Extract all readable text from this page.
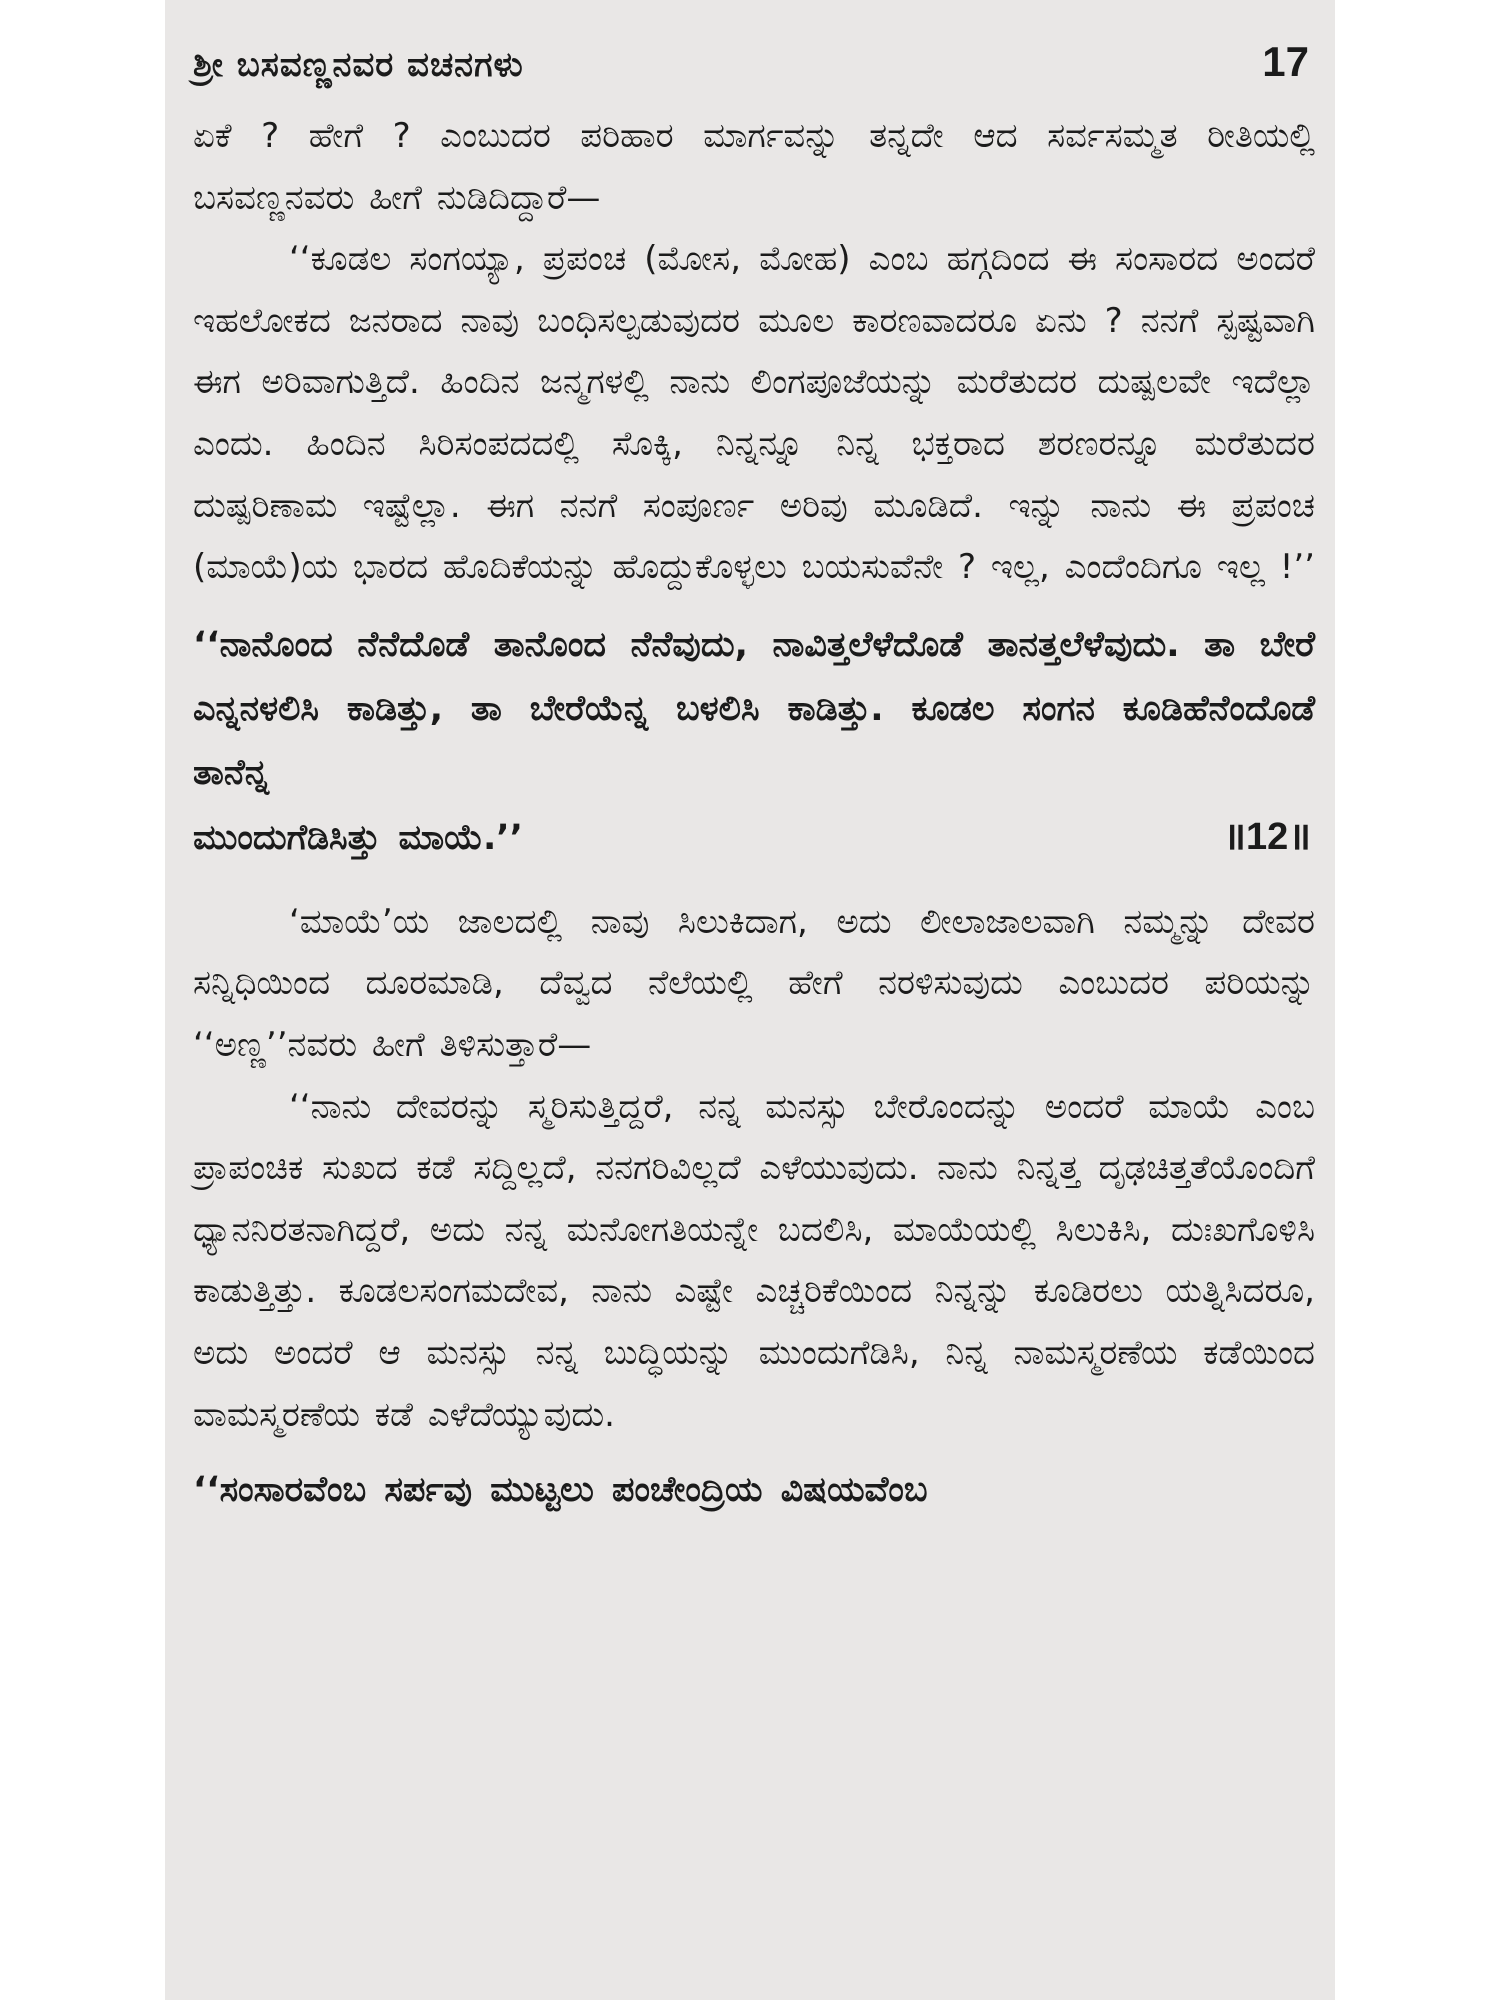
ಶ್ರೀ ಬಸವಣ್ಣನವರ ವಚನಗಳು	17

ಏಕೆ ? ಹೇಗೆ ? ಎಂಬುದರ ಪರಿಹಾರ ಮಾರ್ಗವನ್ನು ತನ್ನದೇ ಆದ ಸರ್ವಸಮ್ಮತ ರೀತಿಯಲ್ಲಿ ಬಸವಣ್ಣನವರು ಹೀಗೆ ನುಡಿದಿದ್ದಾರೆ—

‘‘ಕೂಡಲ ಸಂಗಯ್ಯಾ, ಪ್ರಪಂಚ (ಮೋಸ, ಮೋಹ) ಎಂಬ ಹಗ್ಗದಿಂದ ಈ ಸಂಸಾರದ ಅಂದರೆ ಇಹಲೋಕದ ಜನರಾದ ನಾವು ಬಂಧಿಸಲ್ಪಡುವುದರ ಮೂಲ ಕಾರಣವಾದರೂ ಏನು ? ನನಗೆ ಸ್ಪಷ್ಟವಾಗಿ ಈಗ ಅರಿವಾಗುತ್ತಿದೆ. ಹಿಂದಿನ ಜನ್ಮಗಳಲ್ಲಿ ನಾನು ಲಿಂಗಪೂಜೆಯನ್ನು ಮರೆತುದರ ದುಷ್ಪಲವೇ ಇದೆಲ್ಲಾ ಎಂದು. ಹಿಂದಿನ ಸಿರಿಸಂಪದದಲ್ಲಿ ಸೊಕ್ಕಿ, ನಿನ್ನನ್ನೂ ನಿನ್ನ ಭಕ್ತರಾದ ಶರಣರನ್ನೂ ಮರೆತುದರ ದುಷ್ಪರಿಣಾಮ ಇಷ್ಟೆಲ್ಲಾ. ಈಗ ನನಗೆ ಸಂಪೂರ್ಣ ಅರಿವು ಮೂಡಿದೆ. ಇನ್ನು ನಾನು ಈ ಪ್ರಪಂಚ (ಮಾಯೆ)ಯ ಭಾರದ ಹೊದಿಕೆಯನ್ನು ಹೊದ್ದುಕೊಳ್ಳಲು ಬಯಸುವೆನೇ ? ಇಲ್ಲ, ಎಂದೆಂದಿಗೂ ಇಲ್ಲ !’’

‘‘ನಾನೊಂದ ನೆನೆದೊಡೆ ತಾನೊಂದ ನೆನೆವುದು, ನಾವಿತ್ತಲೆಳೆದೊಡೆ ತಾನತ್ತಲೆಳೆವುದು. ತಾ ಬೇರೆ ಎನ್ನನಳಲಿಸಿ ಕಾಡಿತ್ತು, ತಾ ಬೇರೆಯೆನ್ನ ಬಳಲಿಸಿ ಕಾಡಿತ್ತು. ಕೂಡಲ ಸಂಗನ ಕೂಡಿಹೆನೆಂದೊಡೆ ತಾನೆನ್ನ
ಮುಂದುಗೆಡಿಸಿತ್ತು ಮಾಯೆ.’’	॥12॥

‘ಮಾಯೆ’ಯ ಜಾಲದಲ್ಲಿ ನಾವು ಸಿಲುಕಿದಾಗ, ಅದು ಲೀಲಾಜಾಲವಾಗಿ ನಮ್ಮನ್ನು ದೇವರ ಸನ್ನಿಧಿಯಿಂದ ದೂರಮಾಡಿ, ದೆವ್ವದ ನೆಲೆಯಲ್ಲಿ ಹೇಗೆ ನರಳಿಸುವುದು ಎಂಬುದರ ಪರಿಯನ್ನು ‘‘ಅಣ್ಣ’’ನವರು ಹೀಗೆ ತಿಳಿಸುತ್ತಾರೆ—

‘‘ನಾನು ದೇವರನ್ನು ಸ್ಮರಿಸುತ್ತಿದ್ದರೆ, ನನ್ನ ಮನಸ್ಸು ಬೇರೊಂದನ್ನು ಅಂದರೆ ಮಾಯೆ ಎಂಬ ಪ್ರಾಪಂಚಿಕ ಸುಖದ ಕಡೆ ಸದ್ದಿಲ್ಲದೆ, ನನಗರಿವಿಲ್ಲದೆ ಎಳೆಯುವುದು. ನಾನು ನಿನ್ನತ್ತ ದೃಢಚಿತ್ತತೆಯೊಂದಿಗೆ ಧ್ಯಾನನಿರತನಾಗಿದ್ದರೆ, ಅದು ನನ್ನ ಮನೋಗತಿಯನ್ನೇ ಬದಲಿಸಿ, ಮಾಯೆಯಲ್ಲಿ ಸಿಲುಕಿಸಿ, ದುಃಖಗೊಳಿಸಿ ಕಾಡುತ್ತಿತ್ತು. ಕೂಡಲಸಂಗಮದೇವ, ನಾನು ಎಷ್ಟೇ ಎಚ್ಚರಿಕೆಯಿಂದ ನಿನ್ನನ್ನು ಕೂಡಿರಲು ಯತ್ನಿಸಿದರೂ, ಅದು ಅಂದರೆ ಆ ಮನಸ್ಸು ನನ್ನ ಬುದ್ಧಿಯನ್ನು ಮುಂದುಗೆಡಿಸಿ, ನಿನ್ನ ನಾಮಸ್ಮರಣೆಯ ಕಡೆಯಿಂದ ವಾಮಸ್ಮರಣೆಯ ಕಡೆ ಎಳೆದೆಯ್ಯುವುದು.

‘‘ಸಂಸಾರವೆಂಬ ಸರ್ಪವು ಮುಟ್ಟಲು ಪಂಚೇಂದ್ರಿಯ ವಿಷಯವೆಂಬ
